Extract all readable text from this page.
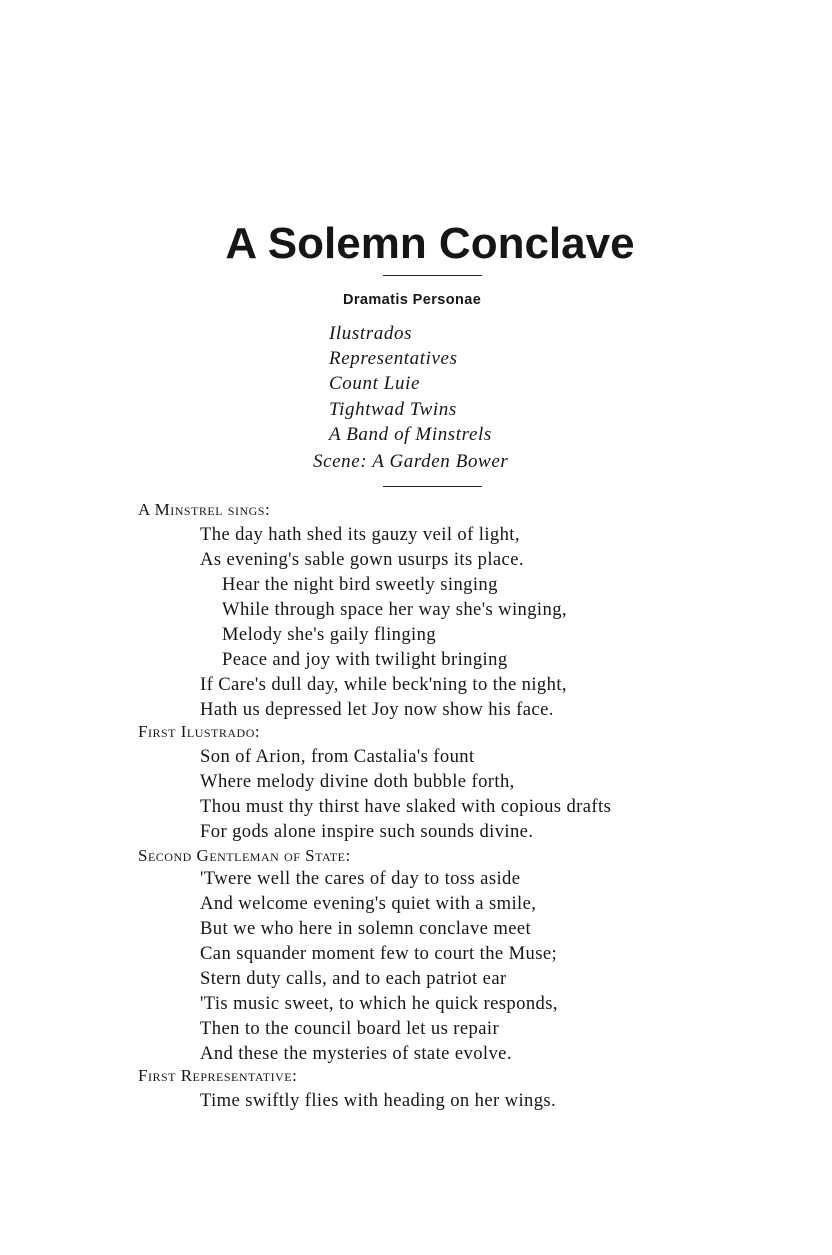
A Solemn Conclave

Dramatis Personae

Ilustrados
Representatives
Count Luie
Tightwad Twins
A Band of Minstrels

Scene: A Garden Bower

A Minstrel sings:
The day hath shed its gauzy veil of light,
As evening's sable gown usurps its place.
Hear the night bird sweetly singing
While through space her way she's winging,
Melody she's gaily flinging
Peace and joy with twilight bringing
If Care's dull day, while beck'ning to the night,
Hath us depressed let Joy now show his face.
First Ilustrado:
Son of Arion, from Castalia's fount
Where melody divine doth bubble forth,
Thou must thy thirst have slaked with copious drafts
For gods alone inspire such sounds divine.
Second Gentleman of State:
'Twere well the cares of day to toss aside
And welcome evening's quiet with a smile,
But we who here in solemn conclave meet
Can squander moment few to court the Muse;
Stern duty calls, and to each patriot ear
'Tis music sweet, to which he quick responds,
Then to the council board let us repair
And these the mysteries of state evolve.
First Representative:
Time swiftly flies with heading on her wings.
